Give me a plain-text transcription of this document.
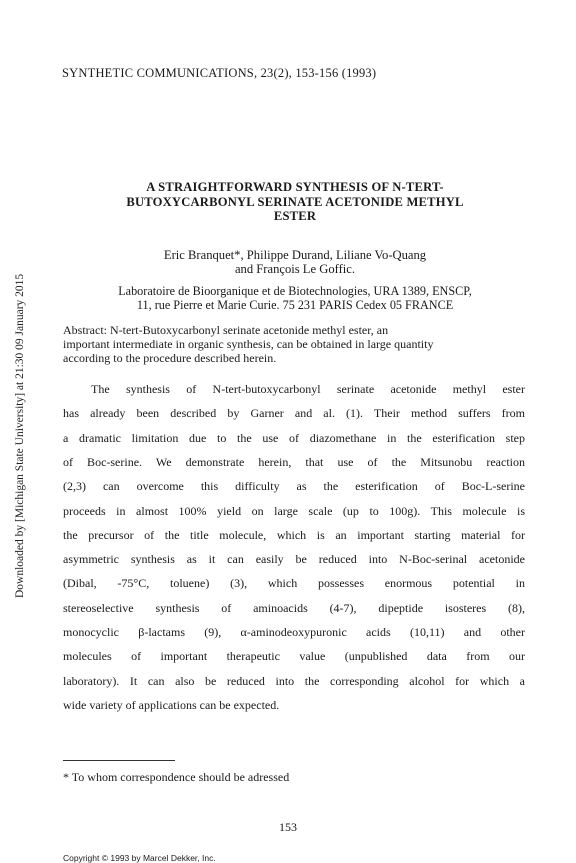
SYNTHETIC COMMUNICATIONS, 23(2), 153-156 (1993)
Downloaded by [Michigan State University] at 21:30 09 January 2015
A STRAIGHTFORWARD SYNTHESIS OF N-TERT-
BUTOXYCARBONYL SERINATE ACETONIDE METHYL
ESTER
Eric Branquet*, Philippe Durand, Liliane Vo-Quang
and François Le Goffic.
Laboratoire de Bioorganique et de Biotechnologies, URA 1389, ENSCP,
11, rue Pierre et Marie Curie. 75 231 PARIS Cedex 05 FRANCE
Abstract: N-tert-Butoxycarbonyl serinate acetonide methyl ester, an
important intermediate in organic synthesis, can be obtained in large quantity
according to the procedure described herein.
The synthesis of N-tert-butoxycarbonyl serinate acetonide methyl ester
has already been described by Garner and al. (1). Their method suffers from
a dramatic limitation due to the use of diazomethane in the esterification step
of Boc-serine. We demonstrate herein, that use of the Mitsunobu reaction
(2,3) can overcome this difficulty as the esterification of Boc-L-serine
proceeds in almost 100% yield on large scale (up to 100g). This molecule is
the precursor of the title molecule, which is an important starting material for
asymmetric synthesis as it can easily be reduced into N-Boc-serinal acetonide
(Dibal, -75°C, toluene) (3), which possesses enormous potential in
stereoselective synthesis of aminoacids (4-7), dipeptide isosteres (8),
monocyclic β-lactams (9), α-aminodeoxypuronic acids (10,11) and other
molecules of important therapeutic value (unpublished data from our
laboratory). It can also be reduced into the corresponding alcohol for which a
wide variety of applications can be expected.
* To whom correspondence should be adressed
153
Copyright © 1993 by Marcel Dekker, Inc.
